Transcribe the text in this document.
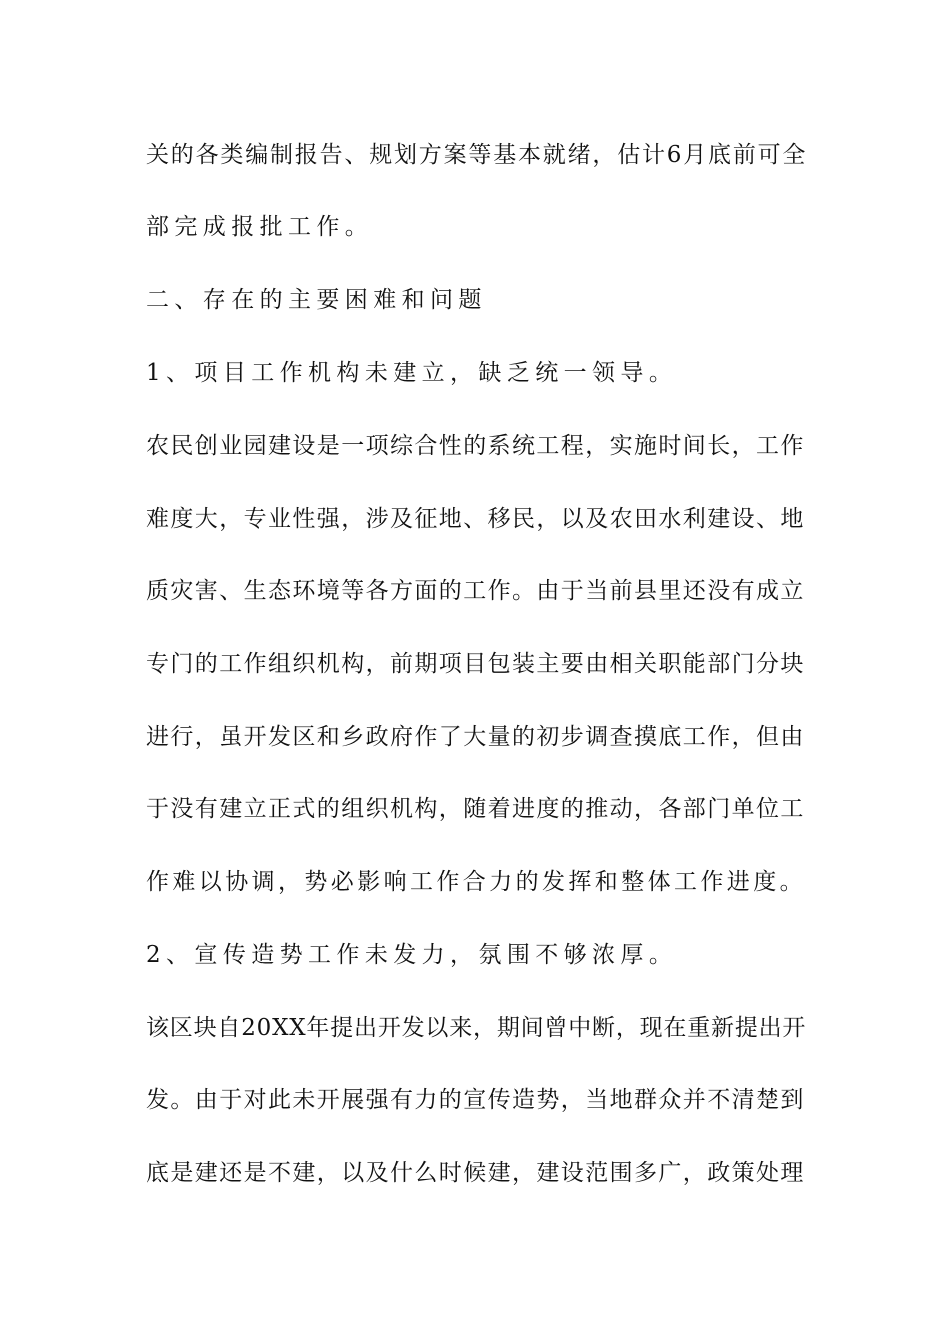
关的各类编制报告、规划方案等基本就绪，估计6月底前可全
部完成报批工作。
二、存在的主要困难和问题
1、项目工作机构未建立，缺乏统一领导。
农民创业园建设是一项综合性的系统工程，实施时间长，工作
难度大，专业性强，涉及征地、移民，以及农田水利建设、地
质灾害、生态环境等各方面的工作。由于当前县里还没有成立
专门的工作组织机构，前期项目包装主要由相关职能部门分块
进行，虽开发区和乡政府作了大量的初步调查摸底工作，但由
于没有建立正式的组织机构，随着进度的推动，各部门单位工
作难以协调，势必影响工作合力的发挥和整体工作进度。
2、宣传造势工作未发力，氛围不够浓厚。
该区块自20XX年提出开发以来，期间曾中断，现在重新提出开
发。由于对此未开展强有力的宣传造势，当地群众并不清楚到
底是建还是不建，以及什么时候建，建设范围多广，政策处理
